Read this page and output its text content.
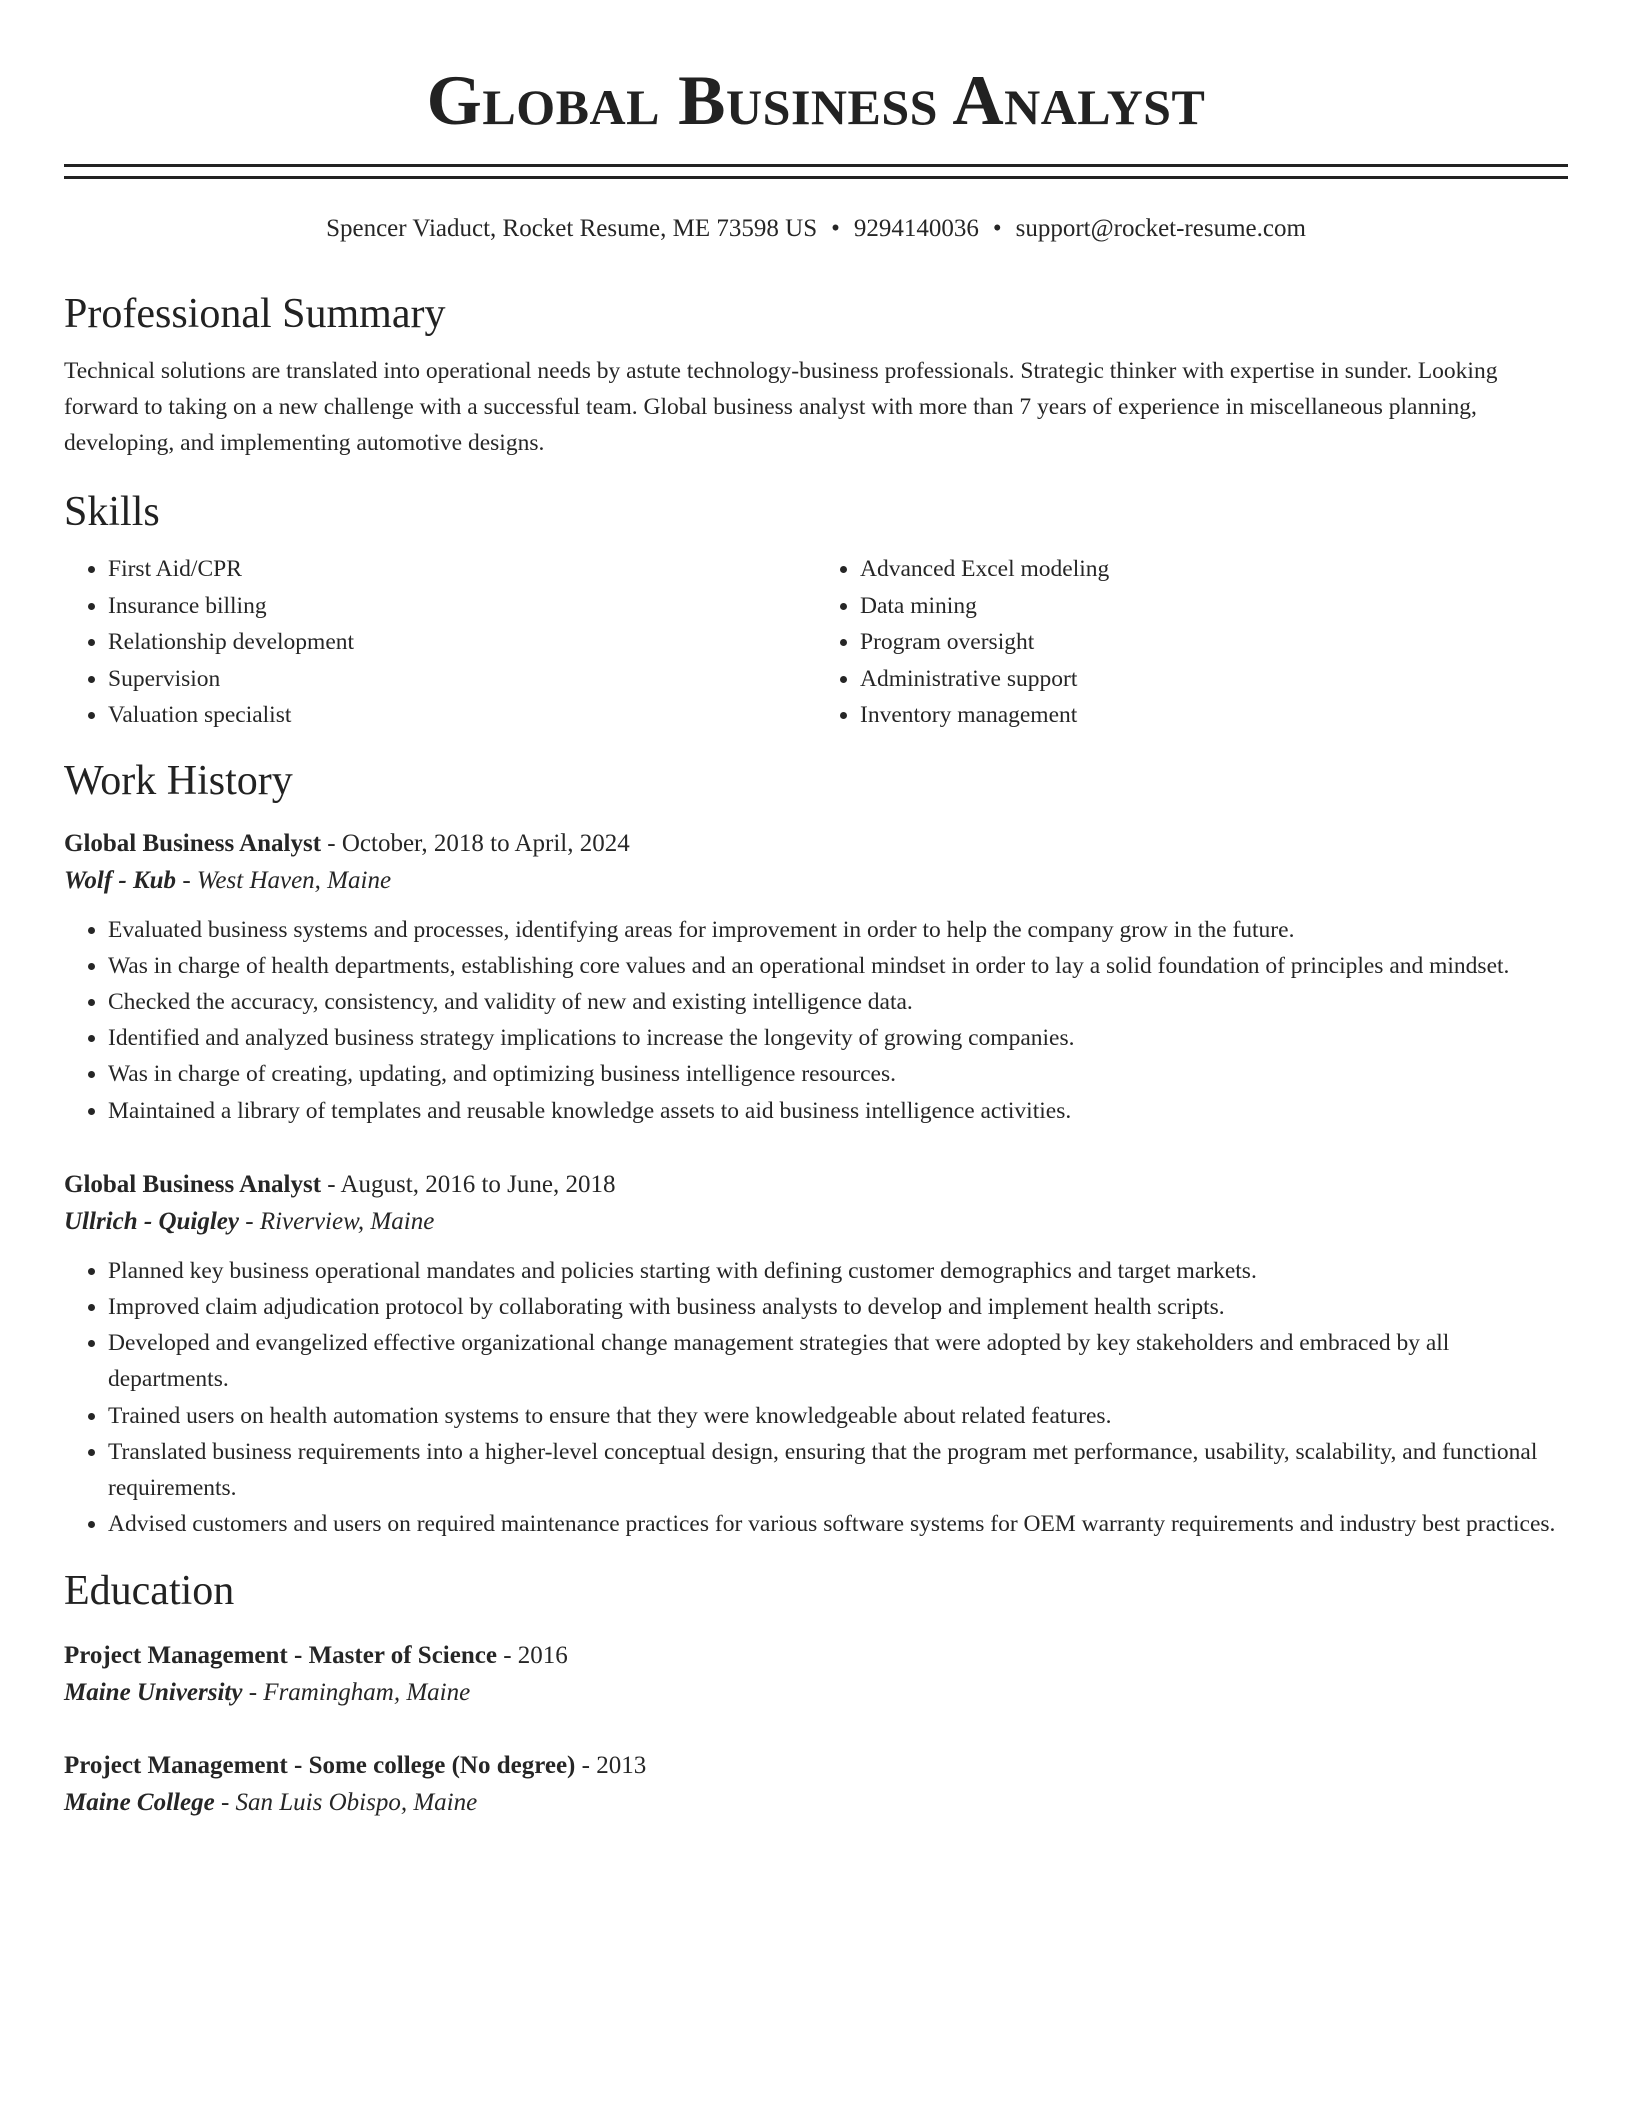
Global Business Analyst
Spencer Viaduct, Rocket Resume, ME 73598 US • 9294140036 • support@rocket-resume.com
Professional Summary

Technical solutions are translated into operational needs by astute technology-business professionals. Strategic thinker with expertise in sunder. Looking forward to taking on a new challenge with a successful team. Global business analyst with more than 7 years of experience in miscellaneous planning, developing, and implementing automotive designs.

Skills
• First Aid/CPR
• Insurance billing
• Relationship development
• Supervision
• Valuation specialist
• Advanced Excel modeling
• Data mining
• Program oversight
• Administrative support
• Inventory management
Work History
Global Business Analyst - October, 2018 to April, 2024
Wolf - Kub - West Haven, Maine
• Evaluated business systems and processes, identifying areas for improvement in order to help the company grow in the future.
• Was in charge of health departments, establishing core values and an operational mindset in order to lay a solid foundation of principles and mindset.
• Checked the accuracy, consistency, and validity of new and existing intelligence data.
• Identified and analyzed business strategy implications to increase the longevity of growing companies.
• Was in charge of creating, updating, and optimizing business intelligence resources.
• Maintained a library of templates and reusable knowledge assets to aid business intelligence activities.
Global Business Analyst - August, 2016 to June, 2018
Ullrich - Quigley - Riverview, Maine
• Planned key business operational mandates and policies starting with defining customer demographics and target markets.
• Improved claim adjudication protocol by collaborating with business analysts to develop and implement health scripts.
• Developed and evangelized effective organizational change management strategies that were adopted by key stakeholders and embraced by all departments.
• Trained users on health automation systems to ensure that they were knowledgeable about related features.
• Translated business requirements into a higher-level conceptual design, ensuring that the program met performance, usability, scalability, and functional requirements.
• Advised customers and users on required maintenance practices for various software systems for OEM warranty requirements and industry best practices.
Education
Project Management - Master of Science - 2016
Maine University - Framingham, Maine
Project Management - Some college (No degree) - 2013
Maine College - San Luis Obispo, Maine
